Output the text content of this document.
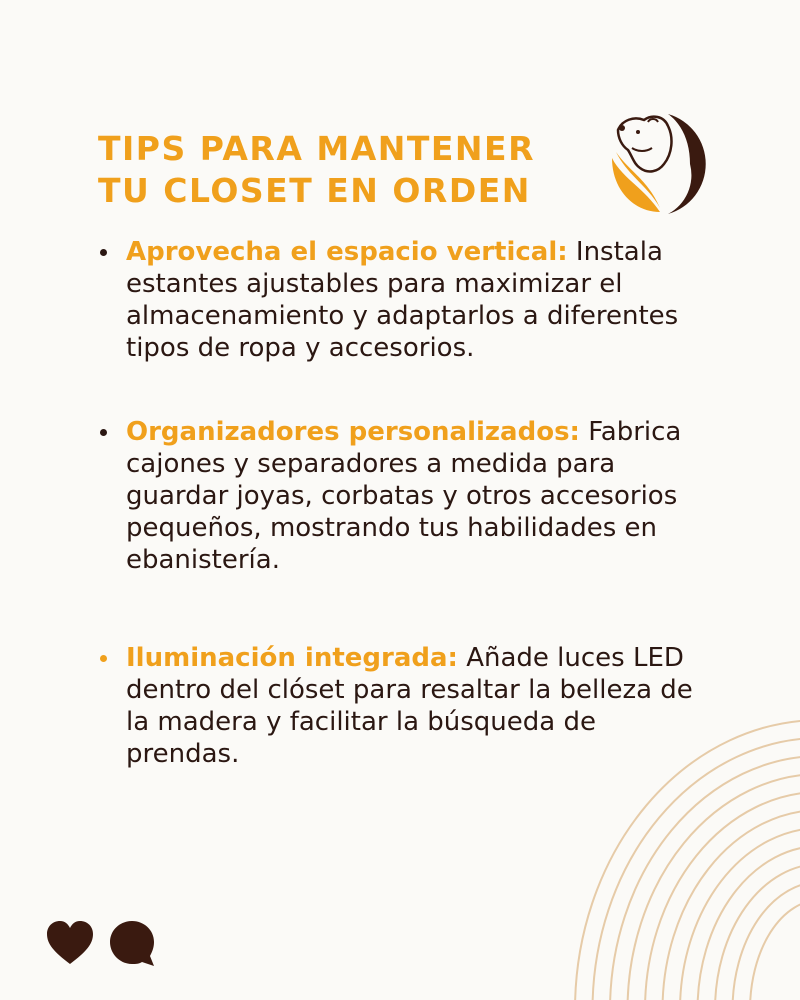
TIPS PARA MANTENER
TU CLOSET EN ORDEN
Aprovecha el espacio vertical: Instala estantes ajustables para maximizar el almacenamiento y adaptarlos a diferentes tipos de ropa y accesorios.
Organizadores personalizados: Fabrica cajones y separadores a medida para guardar joyas, corbatas y otros accesorios pequeños, mostrando tus habilidades en ebanistería.
Iluminación integrada: Añade luces LED dentro del clóset para resaltar la belleza de la madera y facilitar la búsqueda de prendas.
